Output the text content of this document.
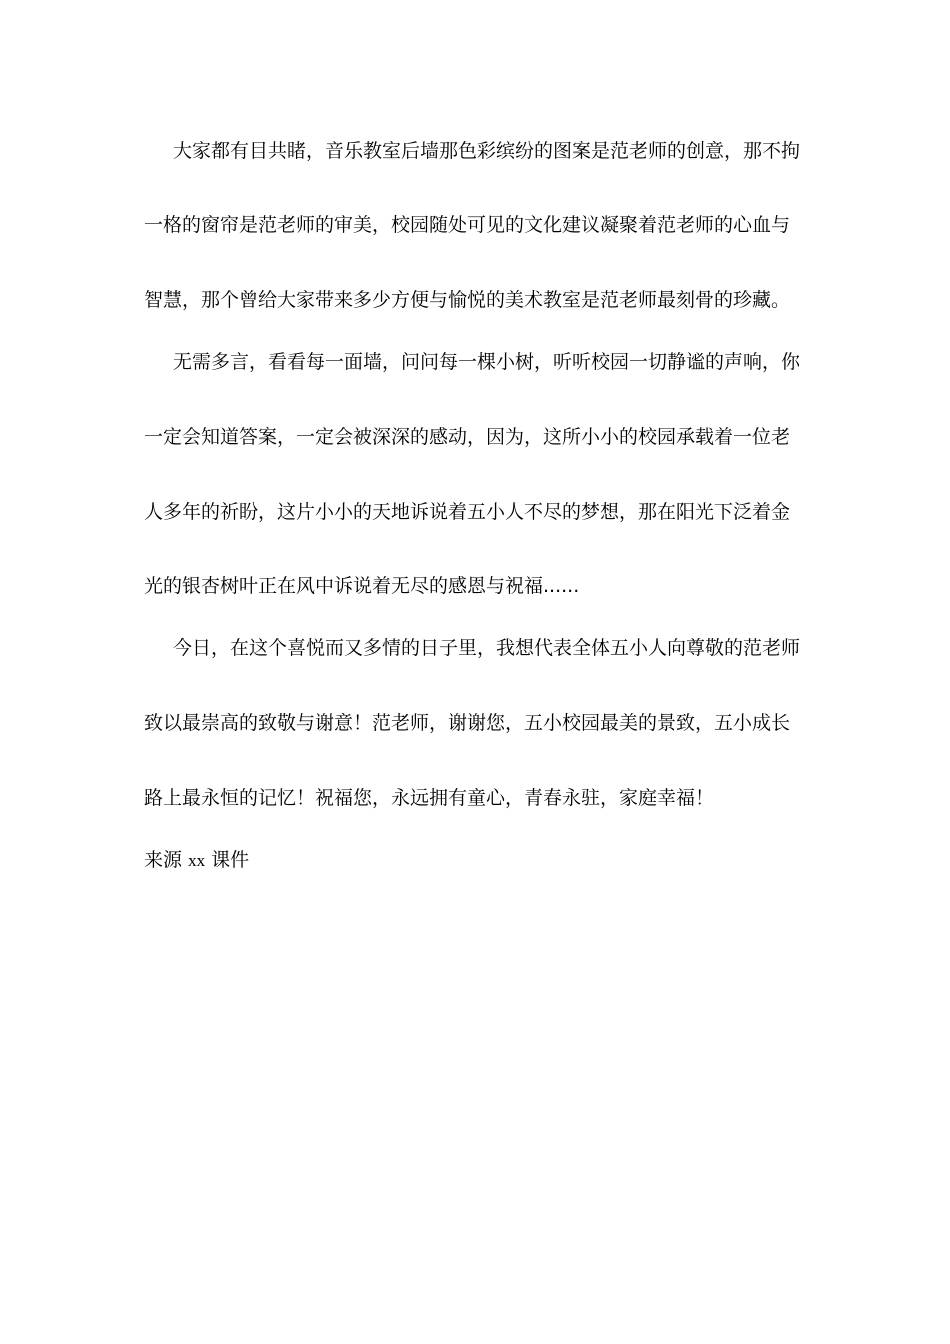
大家都有目共睹，音乐教室后墙那色彩缤纷的图案是范老师的创意，那不拘
一格的窗帘是范老师的审美，校园随处可见的文化建议凝聚着范老师的心血与
智慧，那个曾给大家带来多少方便与愉悦的美术教室是范老师最刻骨的珍藏。
无需多言，看看每一面墙，问问每一棵小树，听听校园一切静谧的声响，你
一定会知道答案，一定会被深深的感动，因为，这所小小的校园承载着一位老
人多年的祈盼，这片小小的天地诉说着五小人不尽的梦想，那在阳光下泛着金
光的银杏树叶正在风中诉说着无尽的感恩与祝福......
今日，在这个喜悦而又多情的日子里，我想代表全体五小人向尊敬的范老师
致以最崇高的致敬与谢意！范老师，谢谢您，五小校园最美的景致，五小成长
路上最永恒的记忆！祝福您，永远拥有童心，青春永驻，家庭幸福！
来源 xx 课件
